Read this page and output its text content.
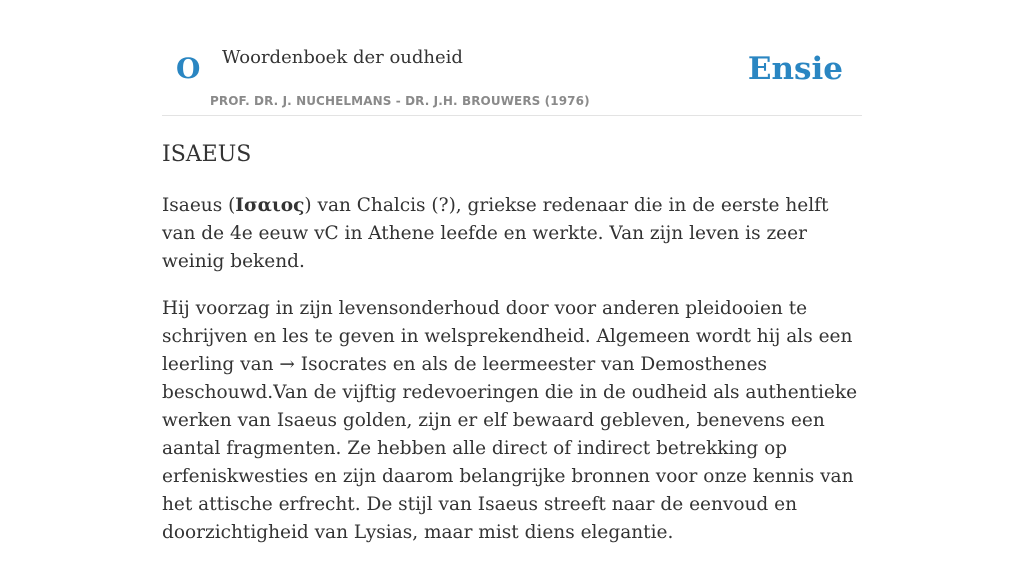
O Woordenboek der oudheid	Ensie
PROF. DR. J. NUCHELMANS - DR. J.H. BROUWERS (1976)
ISAEUS

Isaeus (Ισαιος) van Chalcis (?), griekse redenaar die in de eerste helft van de 4e eeuw vC in Athene leefde en werkte. Van zijn leven is zeer weinig bekend.

Hij voorzag in zijn levensonderhoud door voor anderen pleidooien te schrijven en les te geven in welsprekendheid. Algemeen wordt hij als een leerling van → Isocrates en als de leermeester van Demosthenes beschouwd.Van de vijftig redevoeringen die in de oudheid als authentieke werken van Isaeus golden, zijn er elf bewaard gebleven, benevens een aantal fragmenten. Ze hebben alle direct of indirect betrekking op erfeniskwesties en zijn daarom belangrijke bronnen voor onze kennis van het attische erfrecht. De stijl van Isaeus streeft naar de eenvoud en doorzichtigheid van Lysias, maar mist diens elegantie.
